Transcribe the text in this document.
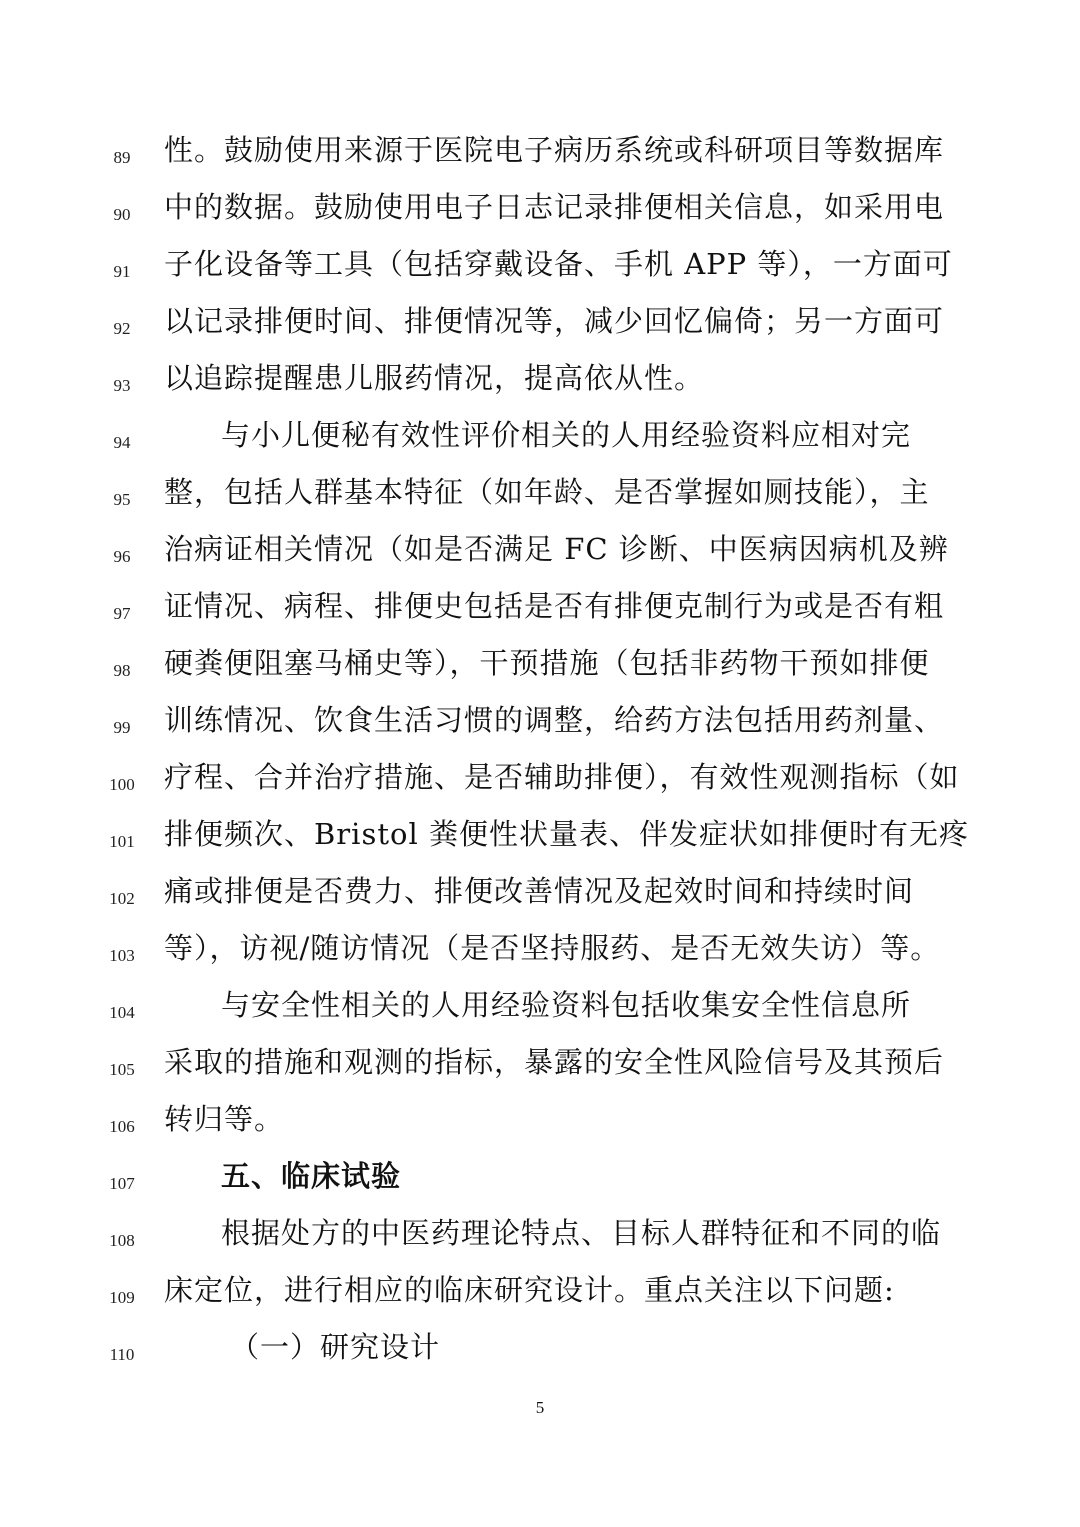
89	性。鼓励使用来源于医院电子病历系统或科研项目等数据库
90	中的数据。鼓励使用电子日志记录排便相关信息，如采用电
91	子化设备等工具（包括穿戴设备、手机 APP 等），一方面可
92	以记录排便时间、排便情况等，减少回忆偏倚；另一方面可
93	以追踪提醒患儿服药情况，提高依从性。
94	与小儿便秘有效性评价相关的人用经验资料应相对完
95	整，包括人群基本特征（如年龄、是否掌握如厕技能），主
96	治病证相关情况（如是否满足 FC 诊断、中医病因病机及辨
97	证情况、病程、排便史包括是否有排便克制行为或是否有粗
98	硬粪便阻塞马桶史等），干预措施（包括非药物干预如排便
99	训练情况、饮食生活习惯的调整，给药方法包括用药剂量、
100	疗程、合并治疗措施、是否辅助排便），有效性观测指标（如
101	排便频次、Bristol 粪便性状量表、伴发症状如排便时有无疼
102	痛或排便是否费力、排便改善情况及起效时间和持续时间
103	等），访视/随访情况（是否坚持服药、是否无效失访）等。
104	与安全性相关的人用经验资料包括收集安全性信息所
105	采取的措施和观测的指标，暴露的安全性风险信号及其预后
106	转归等。
107	五、临床试验
108	根据处方的中医药理论特点、目标人群特征和不同的临
109	床定位，进行相应的临床研究设计。重点关注以下问题:
110	（一）研究设计
5
